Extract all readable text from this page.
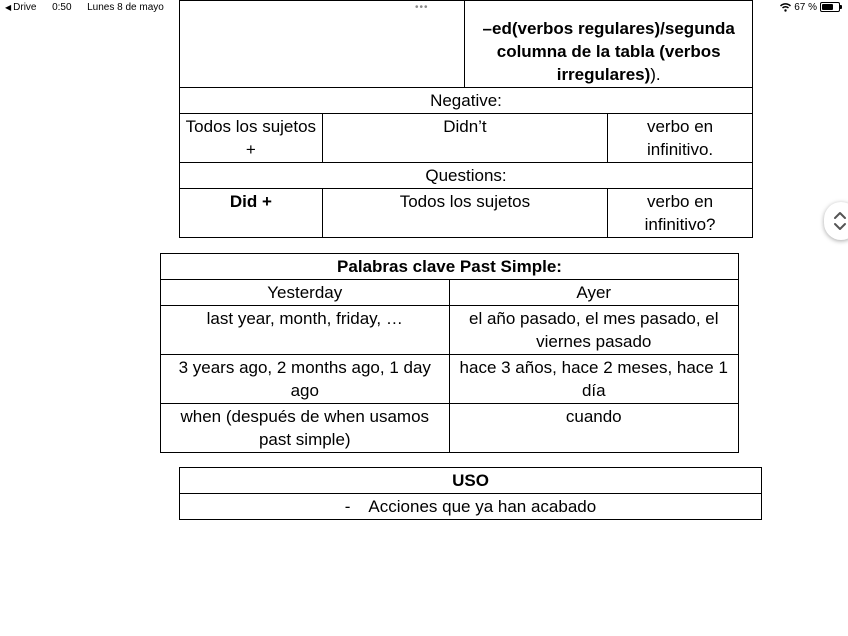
◀ Drive 0:50 Lunes 8 de mayo	•••	67 %
		–ed(verbos regulares)/segunda
columna de la tabla (verbos
irregulares)).	
Negative:			
Todos los sujetos +	Didn’t		verbo en infinitivo.
Questions:			
Did +	Todos los sujetos		verbo en infinitivo?
Palabras clave Past Simple:	
Yesterday	Ayer
last year, month, friday, …	el año pasado, el mes pasado, el viernes pasado
3 years ago, 2 months ago, 1 day ago	hace 3 años, hace 2 meses, hace 1 día
when (después de when usamos past simple)	cuando
USO
-    Acciones que ya han acabado
